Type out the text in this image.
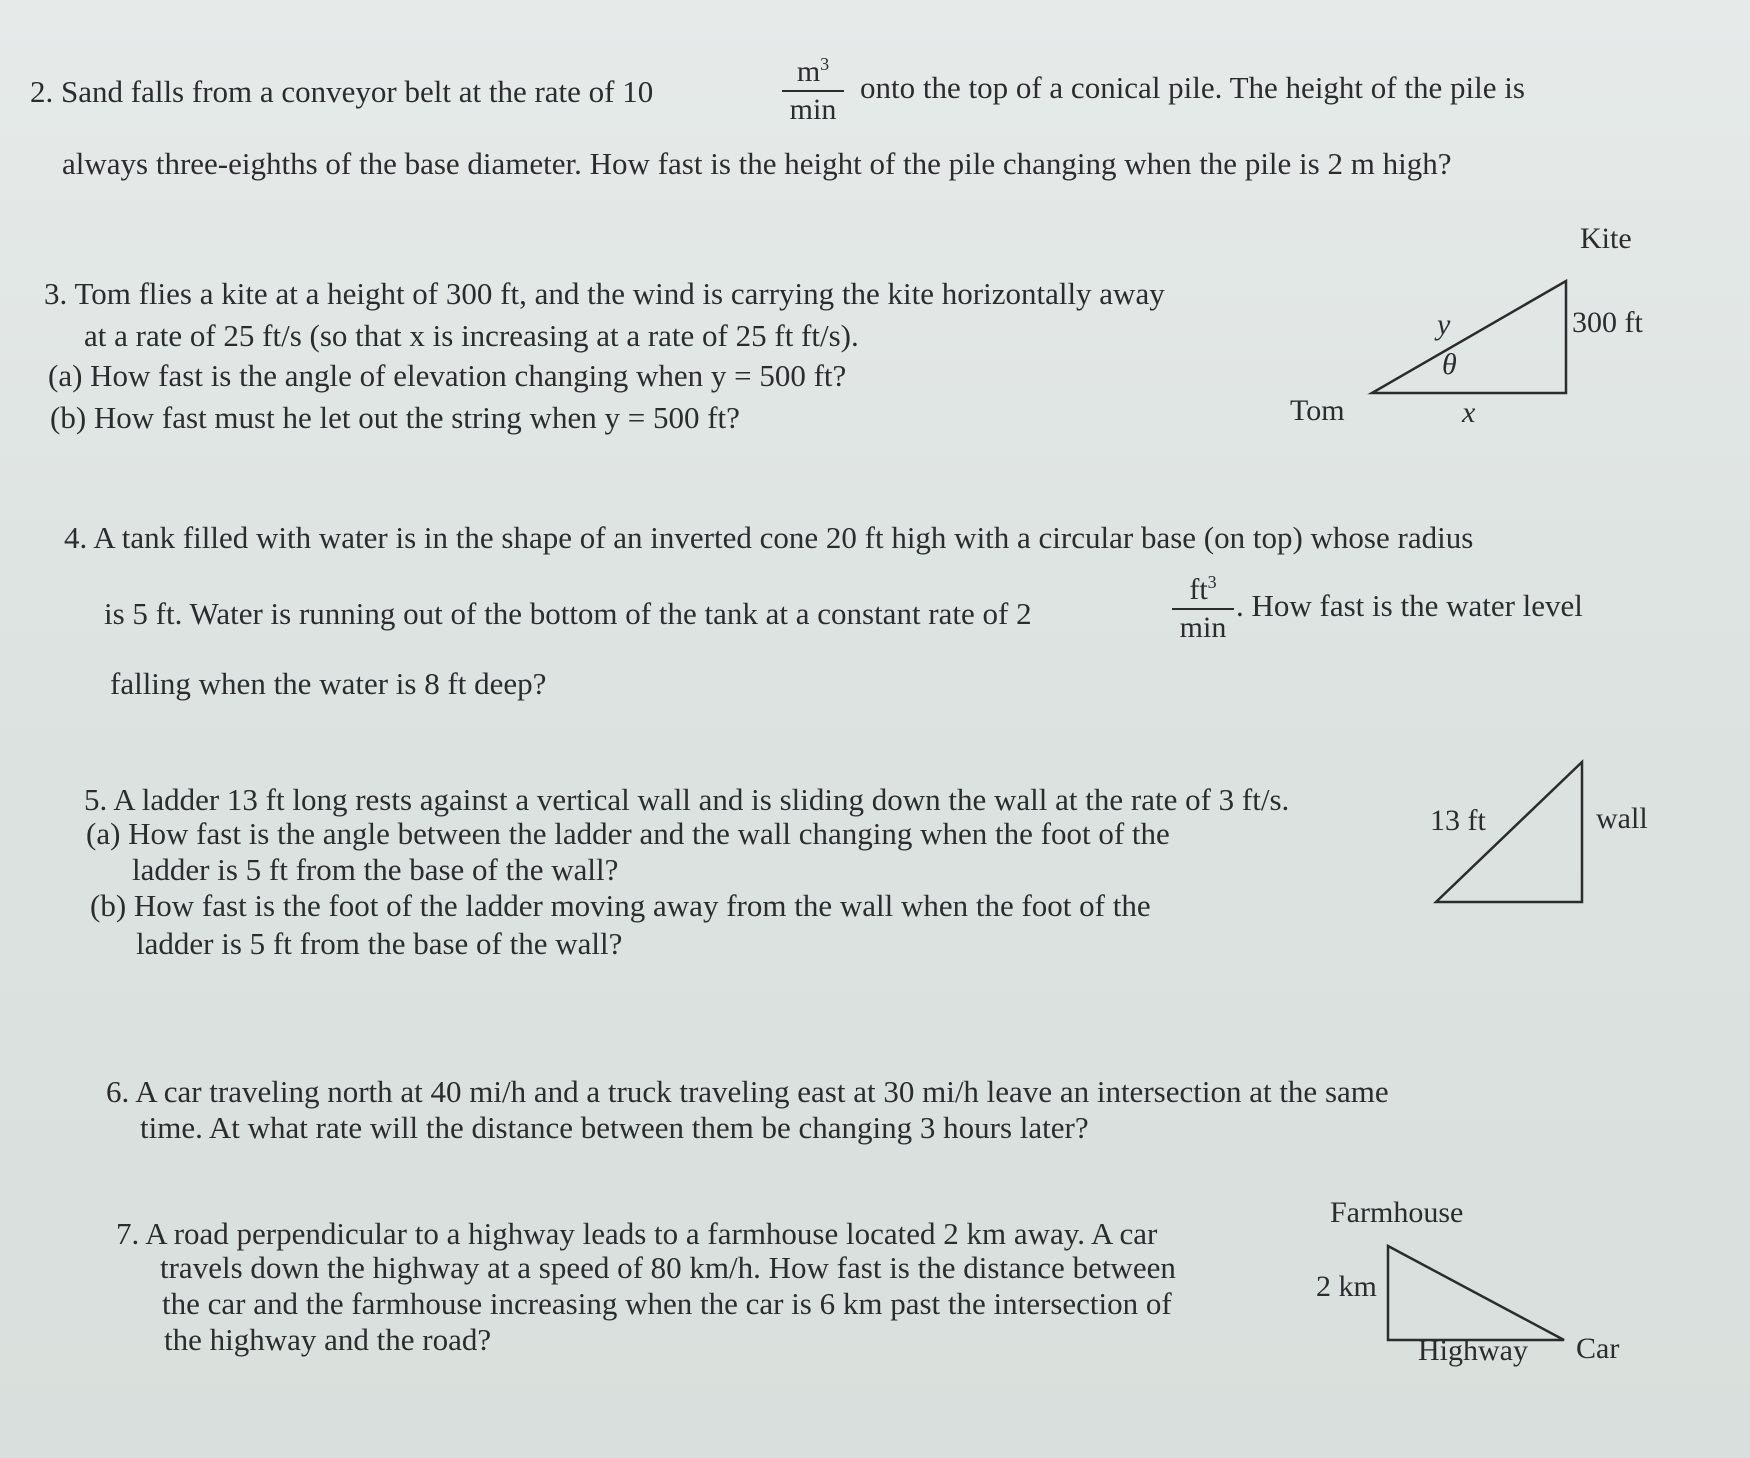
2. Sand falls from a conveyor belt at the rate of 10
$m^3$
min
onto the top of a conical pile. The height of the pile is
always three-eighths of the base diameter. How fast is the height of the pile changing when the pile is 2 m high?
3. Tom flies a kite at a height of 300 ft, and the wind is carrying the kite horizontally away
at a rate of 25 ft/s (so that x is increasing at a rate of 25 ft ft/s).
(a) How fast is the angle of elevation changing when y = 500 ft?
(b) How fast must he let out the string when y = 500 ft?
Kite
300 ft
Tom
y
θ
x
4. A tank filled with water is in the shape of an inverted cone 20 ft high with a circular base (on top) whose radius
is 5 ft. Water is running out of the bottom of the tank at a constant rate of 2
$ft^3$
min
. How fast is the water level
falling when the water is 8 ft deep?
5. A ladder 13 ft long rests against a vertical wall and is sliding down the wall at the rate of 3 ft/s.
(a) How fast is the angle between the ladder and the wall changing when the foot of the
ladder is 5 ft from the base of the wall?
(b) How fast is the foot of the ladder moving away from the wall when the foot of the
ladder is 5 ft from the base of the wall?
13 ft	wall
6. A car traveling north at 40 mi/h and a truck traveling east at 30 mi/h leave an intersection at the same
time. At what rate will the distance between them be changing 3 hours later?
7. A road perpendicular to a highway leads to a farmhouse located 2 km away. A car
travels down the highway at a speed of 80 km/h. How fast is the distance between
the car and the farmhouse increasing when the car is 6 km past the intersection of
the highway and the road?
Farmhouse
2 km
Highway Car
